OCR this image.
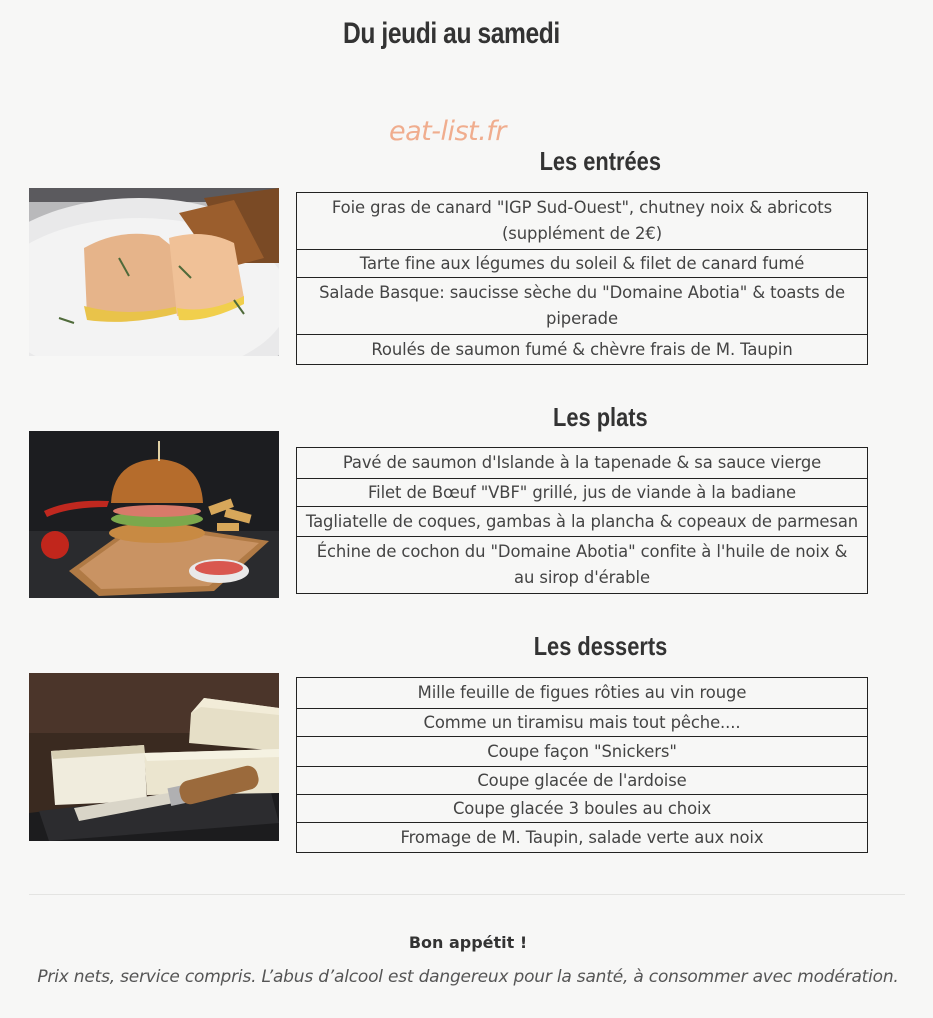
Du jeudi au samedi
eat-list.fr
Les entrées
Foie gras de canard "IGP Sud-Ouest", chutney noix & abricots (supplément de 2€)
Tarte fine aux légumes du soleil & filet de canard fumé
Salade Basque: saucisse sèche du "Domaine Abotia" & toasts de piperade
Roulés de saumon fumé & chèvre frais de M. Taupin
Les plats
Pavé de saumon d'Islande à la tapenade & sa sauce vierge
Filet de Bœuf "VBF" grillé, jus de viande à la badiane
Tagliatelle de coques, gambas à la plancha & copeaux de parmesan
Échine de cochon du "Domaine Abotia" confite à l'huile de noix & au sirop d'érable
Les desserts
Mille feuille de figues rôties au vin rouge
Comme un tiramisu mais tout pêche....
Coupe façon "Snickers"
Coupe glacée de l'ardoise
Coupe glacée 3 boules au choix
Fromage de M. Taupin, salade verte aux noix
Bon appétit !
Prix nets, service compris. L’abus d’alcool est dangereux pour la santé, à consommer avec modération.
